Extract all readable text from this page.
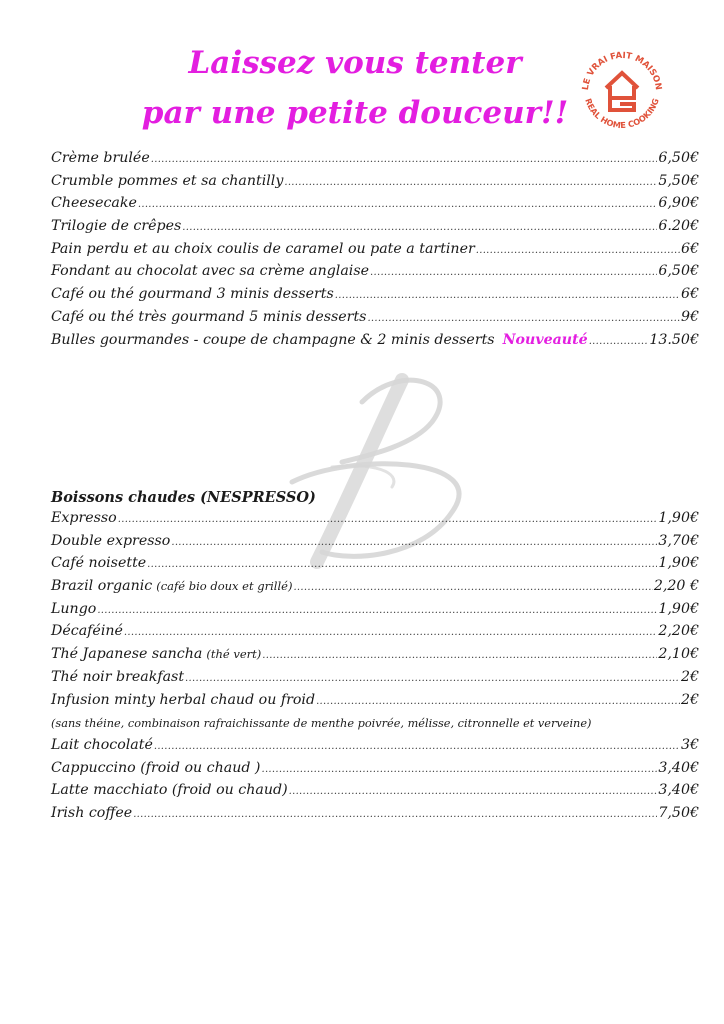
Laissez vous tenter
par une petite douceur!!
LE VRAI FAIT MAISON
REAL HOME COOKING
Crème brulée .....	6,50€
Crumble pommes et sa chantilly .....	5,50€
Cheesecake .....	6,90€
Trilogie de crêpes .....	6.20€
Pain perdu et au choix coulis de caramel ou pate a tartiner .....	6€
Fondant au chocolat avec sa crème anglaise .....	6,50€
Café ou thé gourmand 3 minis desserts .....	6€
Café ou thé très gourmand 5 minis desserts .....	9€
Bulles gourmandes - coupe de champagne & 2 minis desserts Nouveauté .....	13.50€
Boissons chaudes (NESPRESSO)
Expresso .....	1,90€
Double expresso .....	3,70€
Café noisette .....	1,90€
Brazil organic (café bio doux et grillé) .....	2,20 €
Lungo .....	1,90€
Décaféiné .....	2,20€
Thé Japanese sancha (thé vert) .....	2,10€
Thé noir breakfast .....	2€
Infusion minty herbal chaud ou froid .....	2€
(sans théine, combinaison rafraichissante de menthe poivrée, mélisse, citronnelle et verveine)
Lait chocolaté .....	3€
Cappuccino (froid ou chaud ) .....	3,40€
Latte macchiato (froid ou chaud) .....	3,40€
Irish coffee .....	7,50€
